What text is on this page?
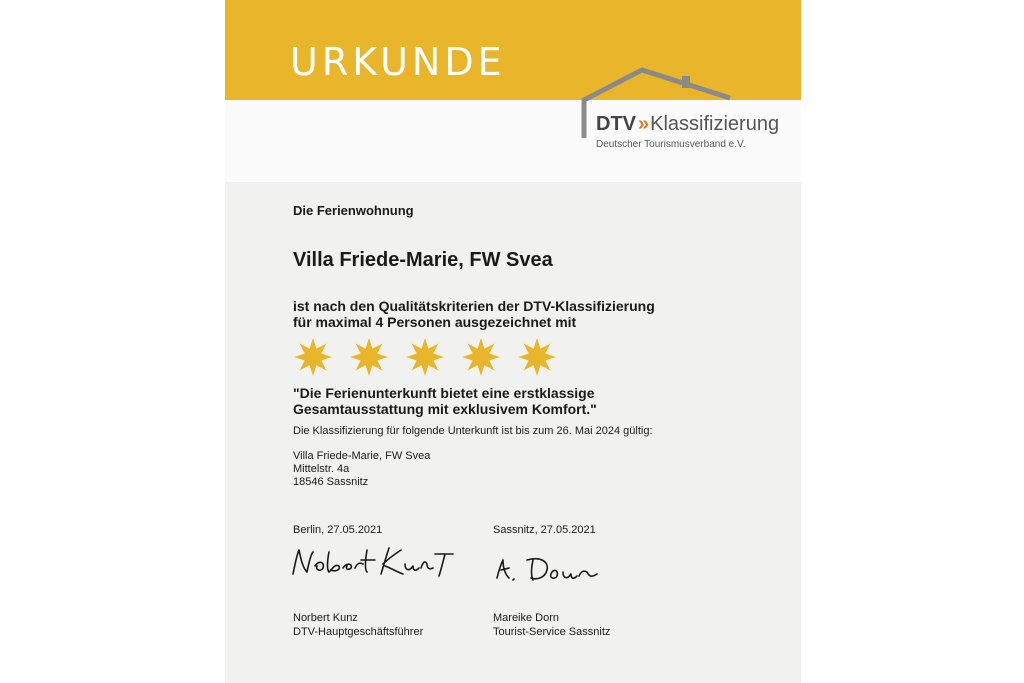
URKUNDE
DTV » Klassifizierung
Deutscher Tourismusverband e.V.
Die Ferienwohnung
Villa Friede-Marie, FW Svea
ist nach den Qualitätskriterien der DTV-Klassifizierung
für maximal 4 Personen ausgezeichnet mit
"Die Ferienunterkunft bietet eine erstklassige
Gesamtausstattung mit exklusivem Komfort."
Die Klassifizierung für folgende Unterkunft ist bis zum 26. Mai 2024 gültig:
Villa Friede-Marie, FW Svea
Mittelstr. 4a
18546 Sassnitz
Berlin, 27.05.2021	Sassnitz, 27.05.2021
Norbert Kunz
DTV-Hauptgeschäftsführer
Mareike Dorn
Tourist-Service Sassnitz
